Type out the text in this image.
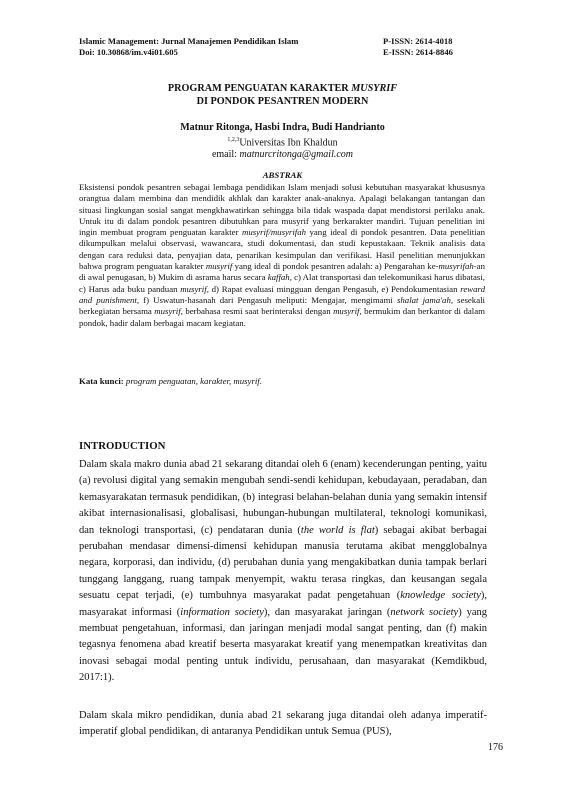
Islamic Management: Jurnal Manajemen Pendidikan Islam	P-ISSN: 2614-4018
Doi: 10.30868/im.v4i01.605	E-ISSN: 2614-8846
PROGRAM PENGUATAN KARAKTER MUSYRIF
DI PONDOK PESANTREN MODERN
Matnur Ritonga, Hasbi Indra, Budi Handrianto
$^{1,2,3}$Universitas Ibn Khaldun
email: matnurcritonga@gmail.com
ABSTRAK
Eksistensi pondok pesantren sebagai lembaga pendidikan Islam menjadi solusi kebutuhan masyarakat khususnya orangtua dalam membina dan mendidik akhlak dan karakter anak-anaknya. Apalagi belakangan tantangan dan situasi lingkungan sosial sangat mengkhawatirkan sehingga bila tidak waspada dapat mendistorsi perilaku anak. Untuk itu di dalam pondok pesantren dibutuhkan para musyrif yang berkarakter mandiri. Tujuan penelitian ini ingin membuat program penguatan karakter musyrif/musyrifah yang ideal di pondok pesantren. Data penelitian dikumpulkan melalui observasi, wawancara, studi dokumentasi, dan studi kepustakaan. Teknik analisis data dengan cara reduksi data, penyajian data, penarikan kesimpulan dan verifikasi. Hasil penelitian menunjukkan bahwa program penguatan karakter musyrif yang ideal di pondok pesantren adalah: a) Pengarahan ke-musyrifah-an di awal penugasan, b) Mukim di asrama harus secara kaffah, c) Alat transportasi dan telekomunikasi harus dibatasi, c) Harus ada buku panduan musyrif, d) Rapat evaluasi mingguan dengan Pengasuh, e) Pendokumentasian reward and punishment, f) Uswatun-hasanah dari Pengasuh meliputi: Mengajar, mengimami shalat jama'ah, sesekali berkegiatan bersama musyrif, berbahasa resmi saat berinteraksi dengan musyrif, bermukim dan berkantor di dalam pondok, hadir dalam berbagai macam kegiatan.
Kata kunci: program penguatan, karakter, musyrif.
INTRODUCTION
Dalam skala makro dunia abad 21 sekarang ditandai oleh 6 (enam) kecenderungan penting, yaitu (a) revolusi digital yang semakin mengubah sendi-sendi kehidupan, kebudayaan, peradaban, dan kemasyarakatan termasuk pendidikan, (b) integrasi belahan-belahan dunia yang semakin intensif akibat internasionalisasi, globalisasi, hubungan-hubungan multilateral, teknologi komunikasi, dan teknologi transportasi, (c) pendataran dunia (the world is flat) sebagai akibat berbagai perubahan mendasar dimensi-dimensi kehidupan manusia terutama akibat mengglobalnya negara, korporasi, dan individu, (d) perubahan dunia yang mengakibatkan dunia tampak berlari tunggang langgang, ruang tampak menyempit, waktu terasa ringkas, dan keusangan segala sesuatu cepat terjadi, (e) tumbuhnya masyarakat padat pengetahuan (knowledge society), masyarakat informasi (information society), dan masyarakat jaringan (network society) yang membuat pengetahuan, informasi, dan jaringan menjadi modal sangat penting, dan (f) makin tegasnya fenomena abad kreatif beserta masyarakat kreatif yang menempatkan kreativitas dan inovasi sebagai modal penting untuk individu, perusahaan, dan masyarakat (Kemdikbud, 2017:1).
Dalam skala mikro pendidikan, dunia abad 21 sekarang juga ditandai oleh adanya imperatif-imperatif global pendidikan, di antaranya Pendidikan untuk Semua (PUS),
176
